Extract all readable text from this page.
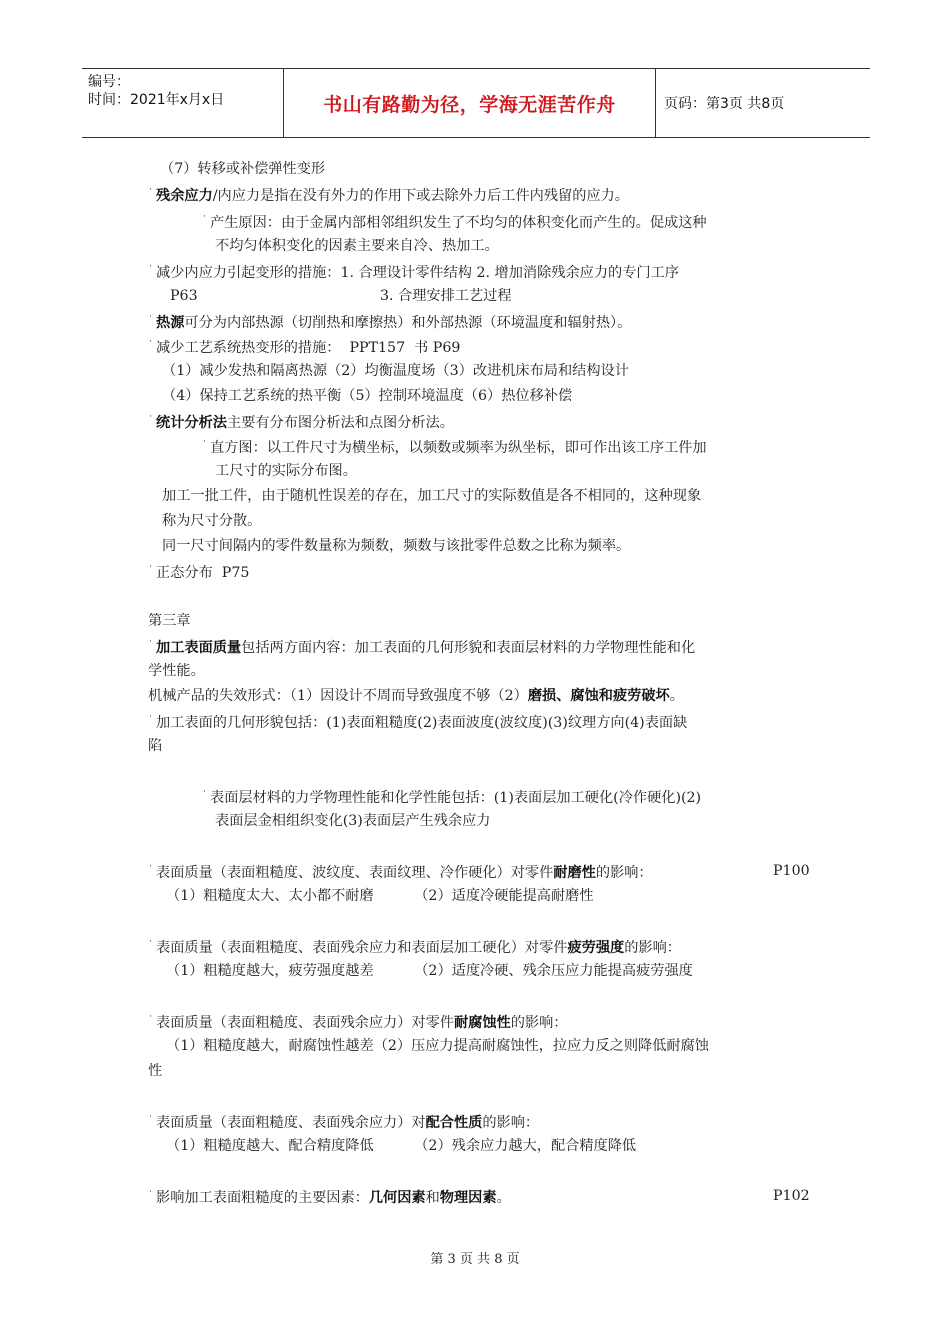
编号：
时间：2021年x月x日	书山有路勤为径，学海无涯苦作舟	页码：第3页 共8页
（7）转移或补偿弹性变形
˙ 残余应力/内应力是指在没有外力的作用下或去除外力后工件内残留的应力。
˙ 产生原因：由于金属内部相邻组织发生了不均匀的体积变化而产生的。促成这种
不均匀体积变化的因素主要来自冷、热加工。
˙ 减少内应力引起变形的措施：1. 合理设计零件结构 2. 增加消除残余应力的专门工序
P63	3. 合理安排工艺过程
˙ 热源可分为内部热源（切削热和摩擦热）和外部热源（环境温度和辐射热）。
˙ 减少工艺系统热变形的措施：  PPT157  书 P69
（1）减少发热和隔离热源（2）均衡温度场（3）改进机床布局和结构设计
（4）保持工艺系统的热平衡（5）控制环境温度（6）热位移补偿
˙ 统计分析法主要有分布图分析法和点图分析法。
˙ 直方图：以工件尺寸为横坐标，以频数或频率为纵坐标，即可作出该工序工件加
工尺寸的实际分布图。
加工一批工件，由于随机性误差的存在，加工尺寸的实际数值是各不相同的，这种现象
称为尺寸分散。
同一尺寸间隔内的零件数量称为频数，频数与该批零件总数之比称为频率。
˙ 正态分布  P75
第三章
˙ 加工表面质量包括两方面内容：加工表面的几何形貌和表面层材料的力学物理性能和化
学性能。
机械产品的失效形式：（1）因设计不周而导致强度不够（2）磨损、腐蚀和疲劳破坏。
˙ 加工表面的几何形貌包括：(1)表面粗糙度(2)表面波度(波纹度)(3)纹理方向(4)表面缺
陷
˙ 表面层材料的力学物理性能和化学性能包括：(1)表面层加工硬化(冷作硬化)(2)
表面层金相组织变化(3)表面层产生残余应力
˙ 表面质量（表面粗糙度、波纹度、表面纹理、冷作硬化）对零件耐磨性的影响：	P100
（1）粗糙度太大、太小都不耐磨         （2）适度冷硬能提高耐磨性
˙ 表面质量（表面粗糙度、表面残余应力和表面层加工硬化）对零件疲劳强度的影响：
（1）粗糙度越大，疲劳强度越差         （2）适度冷硬、残余压应力能提高疲劳强度
˙ 表面质量（表面粗糙度、表面残余应力）对零件耐腐蚀性的影响：
（1）粗糙度越大，耐腐蚀性越差（2）压应力提高耐腐蚀性，拉应力反之则降低耐腐蚀
性
˙ 表面质量（表面粗糙度、表面残余应力）对配合性质的影响：
（1）粗糙度越大、配合精度降低         （2）残余应力越大，配合精度降低
˙ 影响加工表面粗糙度的主要因素：几何因素和物理因素。	P102
第 3 页 共 8 页
